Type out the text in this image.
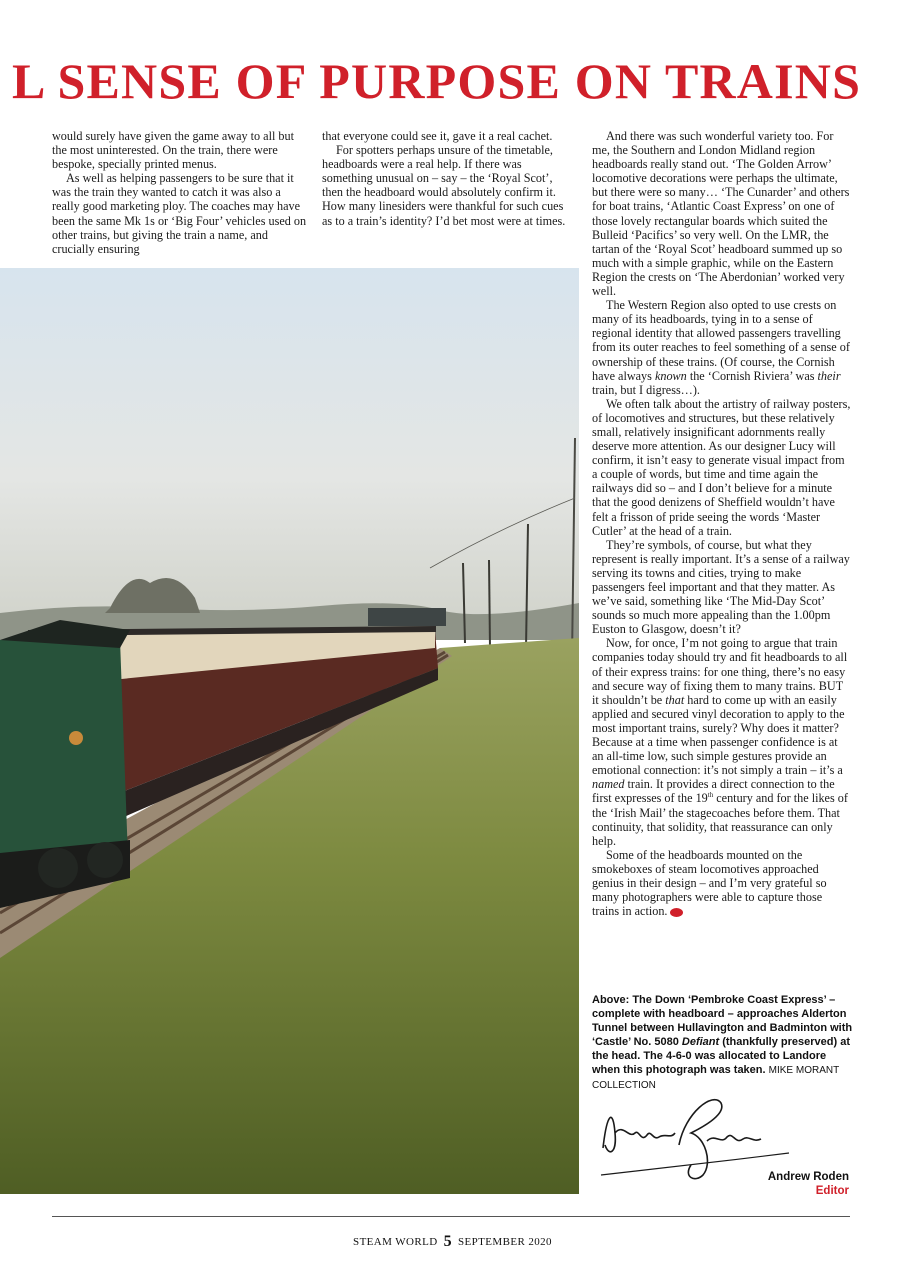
L SENSE OF PURPOSE ON TRAINS

would surely have given the game away to all but the most uninterested. On the train, there were bespoke, specially printed menus.

As well as helping passengers to be sure that it was the train they wanted to catch it was also a really good marketing ploy. The coaches may have been the same Mk 1s or ‘Big Four’ vehicles used on other trains, but giving the train a name, and crucially ensuring

that everyone could see it, gave it a real cachet.

For spotters perhaps unsure of the timetable, headboards were a real help. If there was something unusual on – say – the ‘Royal Scot’, then the headboard would absolutely confirm it. How many linesiders were thankful for such cues as to a train’s identity? I’d bet most were at times.

And there was such wonderful variety too. For me, the Southern and London Midland region headboards really stand out. ‘The Golden Arrow’ locomotive decorations were perhaps the ultimate, but there were so many… ‘The Cunarder’ and others for boat trains, ‘Atlantic Coast Express’ on one of those lovely rectangular boards which suited the Bulleid ‘Pacifics’ so very well. On the LMR, the tartan of the ‘Royal Scot’ headboard summed up so much with a simple graphic, while on the Eastern Region the crests on ‘The Aberdonian’ worked very well.

The Western Region also opted to use crests on many of its headboards, tying in to a sense of regional identity that allowed passengers travelling from its outer reaches to feel something of a sense of ownership of these trains. (Of course, the Cornish have always known the ‘Cornish Riviera’ was their train, but I digress…).

We often talk about the artistry of railway posters, of locomotives and structures, but these relatively small, relatively insignificant adornments really deserve more attention. As our designer Lucy will confirm, it isn’t easy to generate visual impact from a couple of words, but time and time again the railways did so – and I don’t believe for a minute that the good denizens of Sheffield wouldn’t have felt a frisson of pride seeing the words ‘Master Cutler’ at the head of a train.

They’re symbols, of course, but what they represent is really important. It’s a sense of a railway serving its towns and cities, trying to make passengers feel important and that they matter. As we’ve said, something like ‘The Mid-Day Scot’ sounds so much more appealing than the 1.00pm Euston to Glasgow, doesn’t it?

Now, for once, I’m not going to argue that train companies today should try and fit headboards to all of their express trains: for one thing, there’s no easy and secure way of fixing them to many trains. BUT it shouldn’t be that hard to come up with an easily applied and secured vinyl decoration to apply to the most important trains, surely? Why does it matter? Because at a time when passenger confidence is at an all-time low, such simple gestures provide an emotional connection: it’s not simply a train – it’s a named train. It provides a direct connection to the first expresses of the 19th century and for the likes of the ‘Irish Mail’ the stagecoaches before them. That continuity, that solidity, that reassurance can only help.

Some of the headboards mounted on the smokeboxes of steam locomotives approached genius in their design – and I’m very grateful so many photographers were able to capture those trains in action.	STW

Above: The Down ‘Pembroke Coast Express’ – complete with headboard – approaches Alderton Tunnel between Hullavington and Badminton with ‘Castle’ No. 5080 Defiant (thankfully preserved) at the head. The 4-6-0 was allocated to Landore when this photograph was taken. MIKE MORANT COLLECTION
Andrew Roden
Editor
STEAM WORLD 5 SEPTEMBER 2020
